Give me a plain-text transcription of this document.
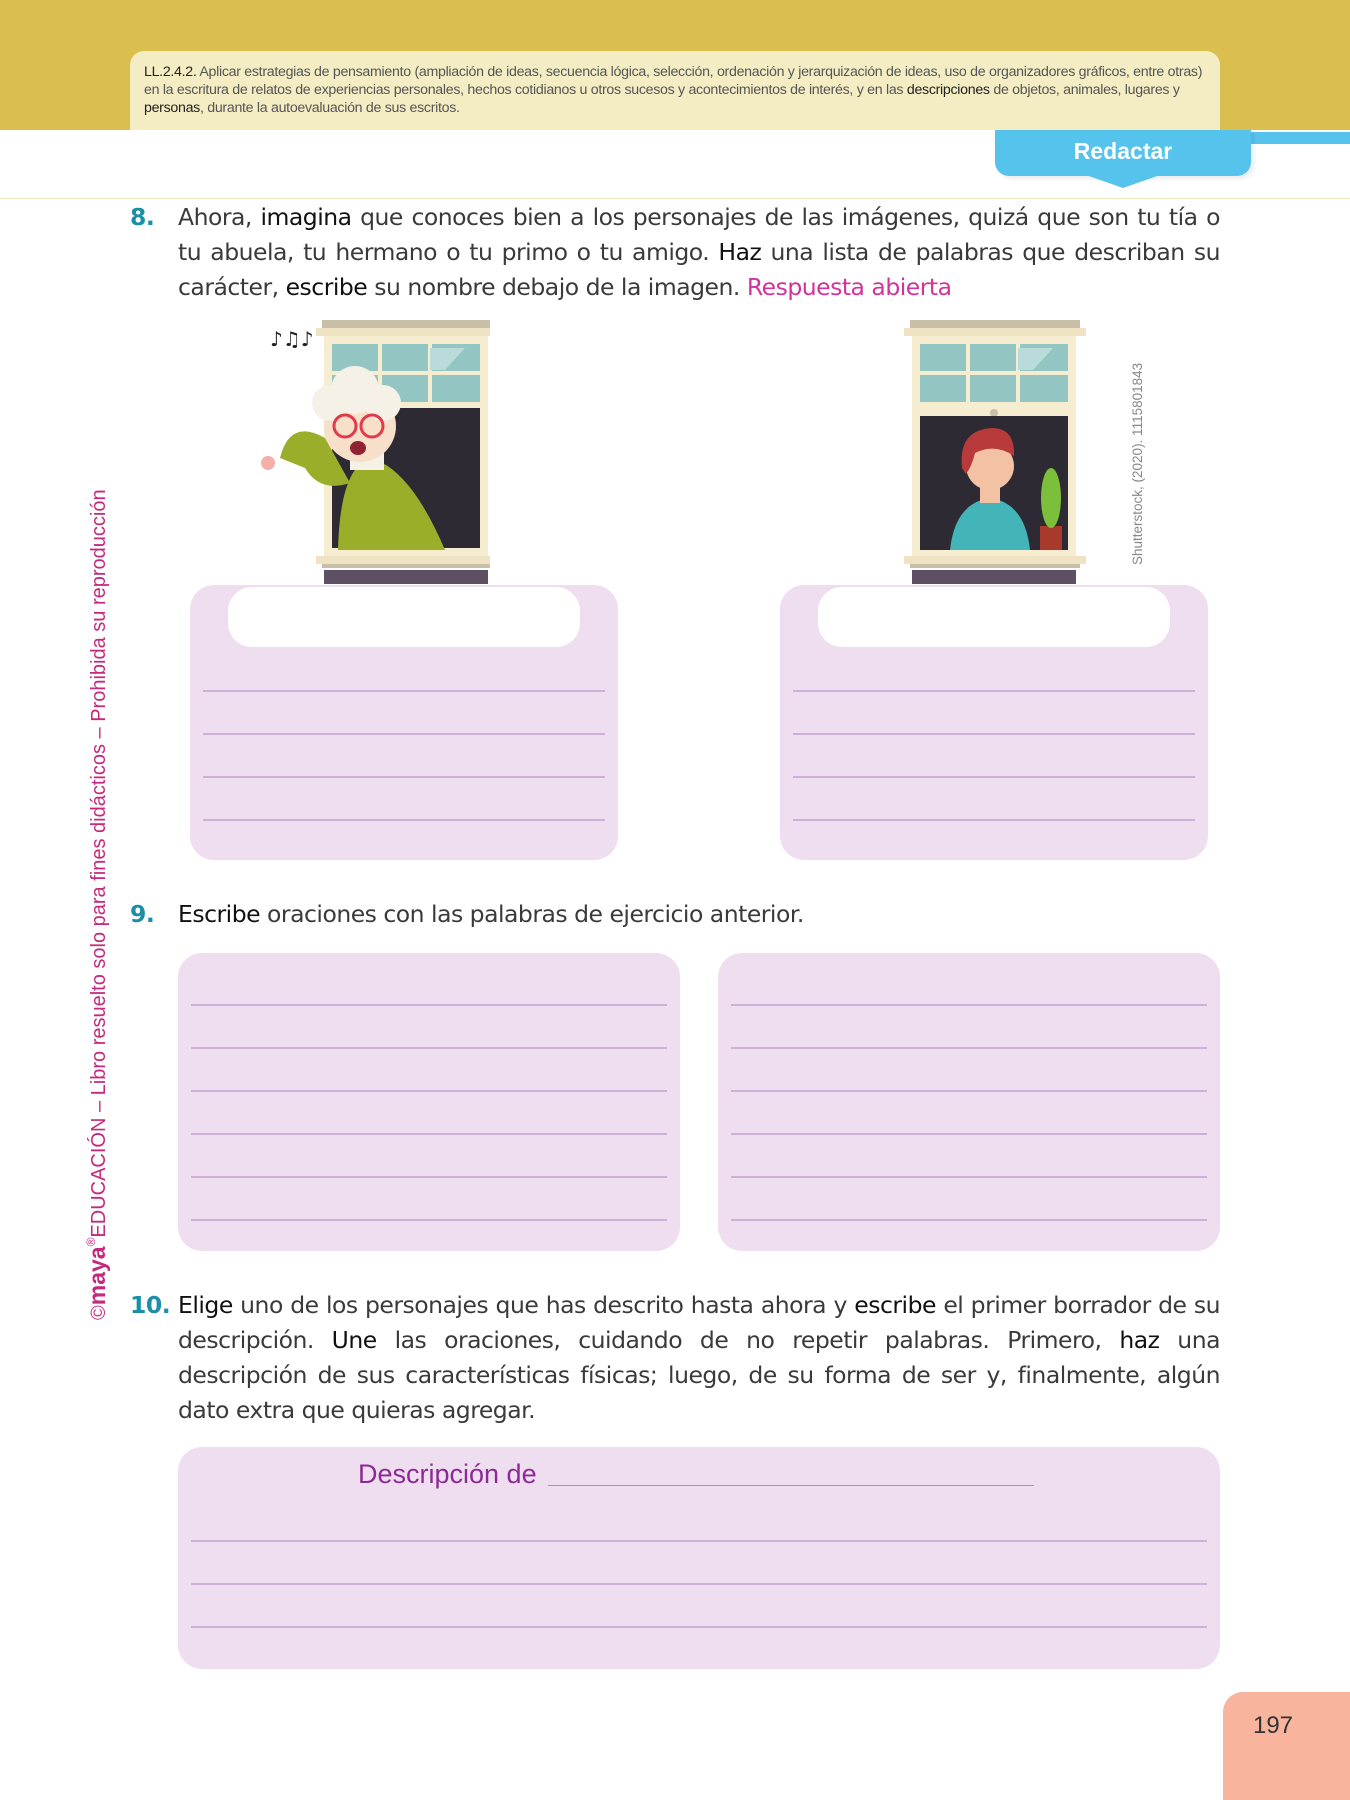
LL.2.4.2. Aplicar estrategias de pensamiento (ampliación de ideas, secuencia lógica, selección, ordenación y jerarquización de ideas, uso de organizadores gráficos, entre otras) en la escritura de relatos de experiencias personales, hechos cotidianos u otros sucesos y acontecimientos de interés, y en las descripciones de objetos, animales, lugares y personas, durante la autoevaluación de sus escritos.
Redactar
©maya®EDUCACIÓN – Libro resuelto solo para fines didácticos – Prohibida su reproducción
8. Ahora, imagina que conoces bien a los personajes de las imágenes, quizá que son tu tía o tu abuela, tu hermano o tu primo o tu amigo. Haz una lista de palabras que describan su carácter, escribe su nombre debajo de la imagen. Respuesta abierta
♪♫♪
Shutterstock, (2020). 1115801843
9. Escribe oraciones con las palabras de ejercicio anterior.
10. Elige uno de los personajes que has descrito hasta ahora y escribe el primer borrador de su descripción. Une las oraciones, cuidando de no repetir palabras. Primero, haz una descripción de sus características físicas; luego, de su forma de ser y, finalmente, algún dato extra que quieras agregar.
Descripción de
197
